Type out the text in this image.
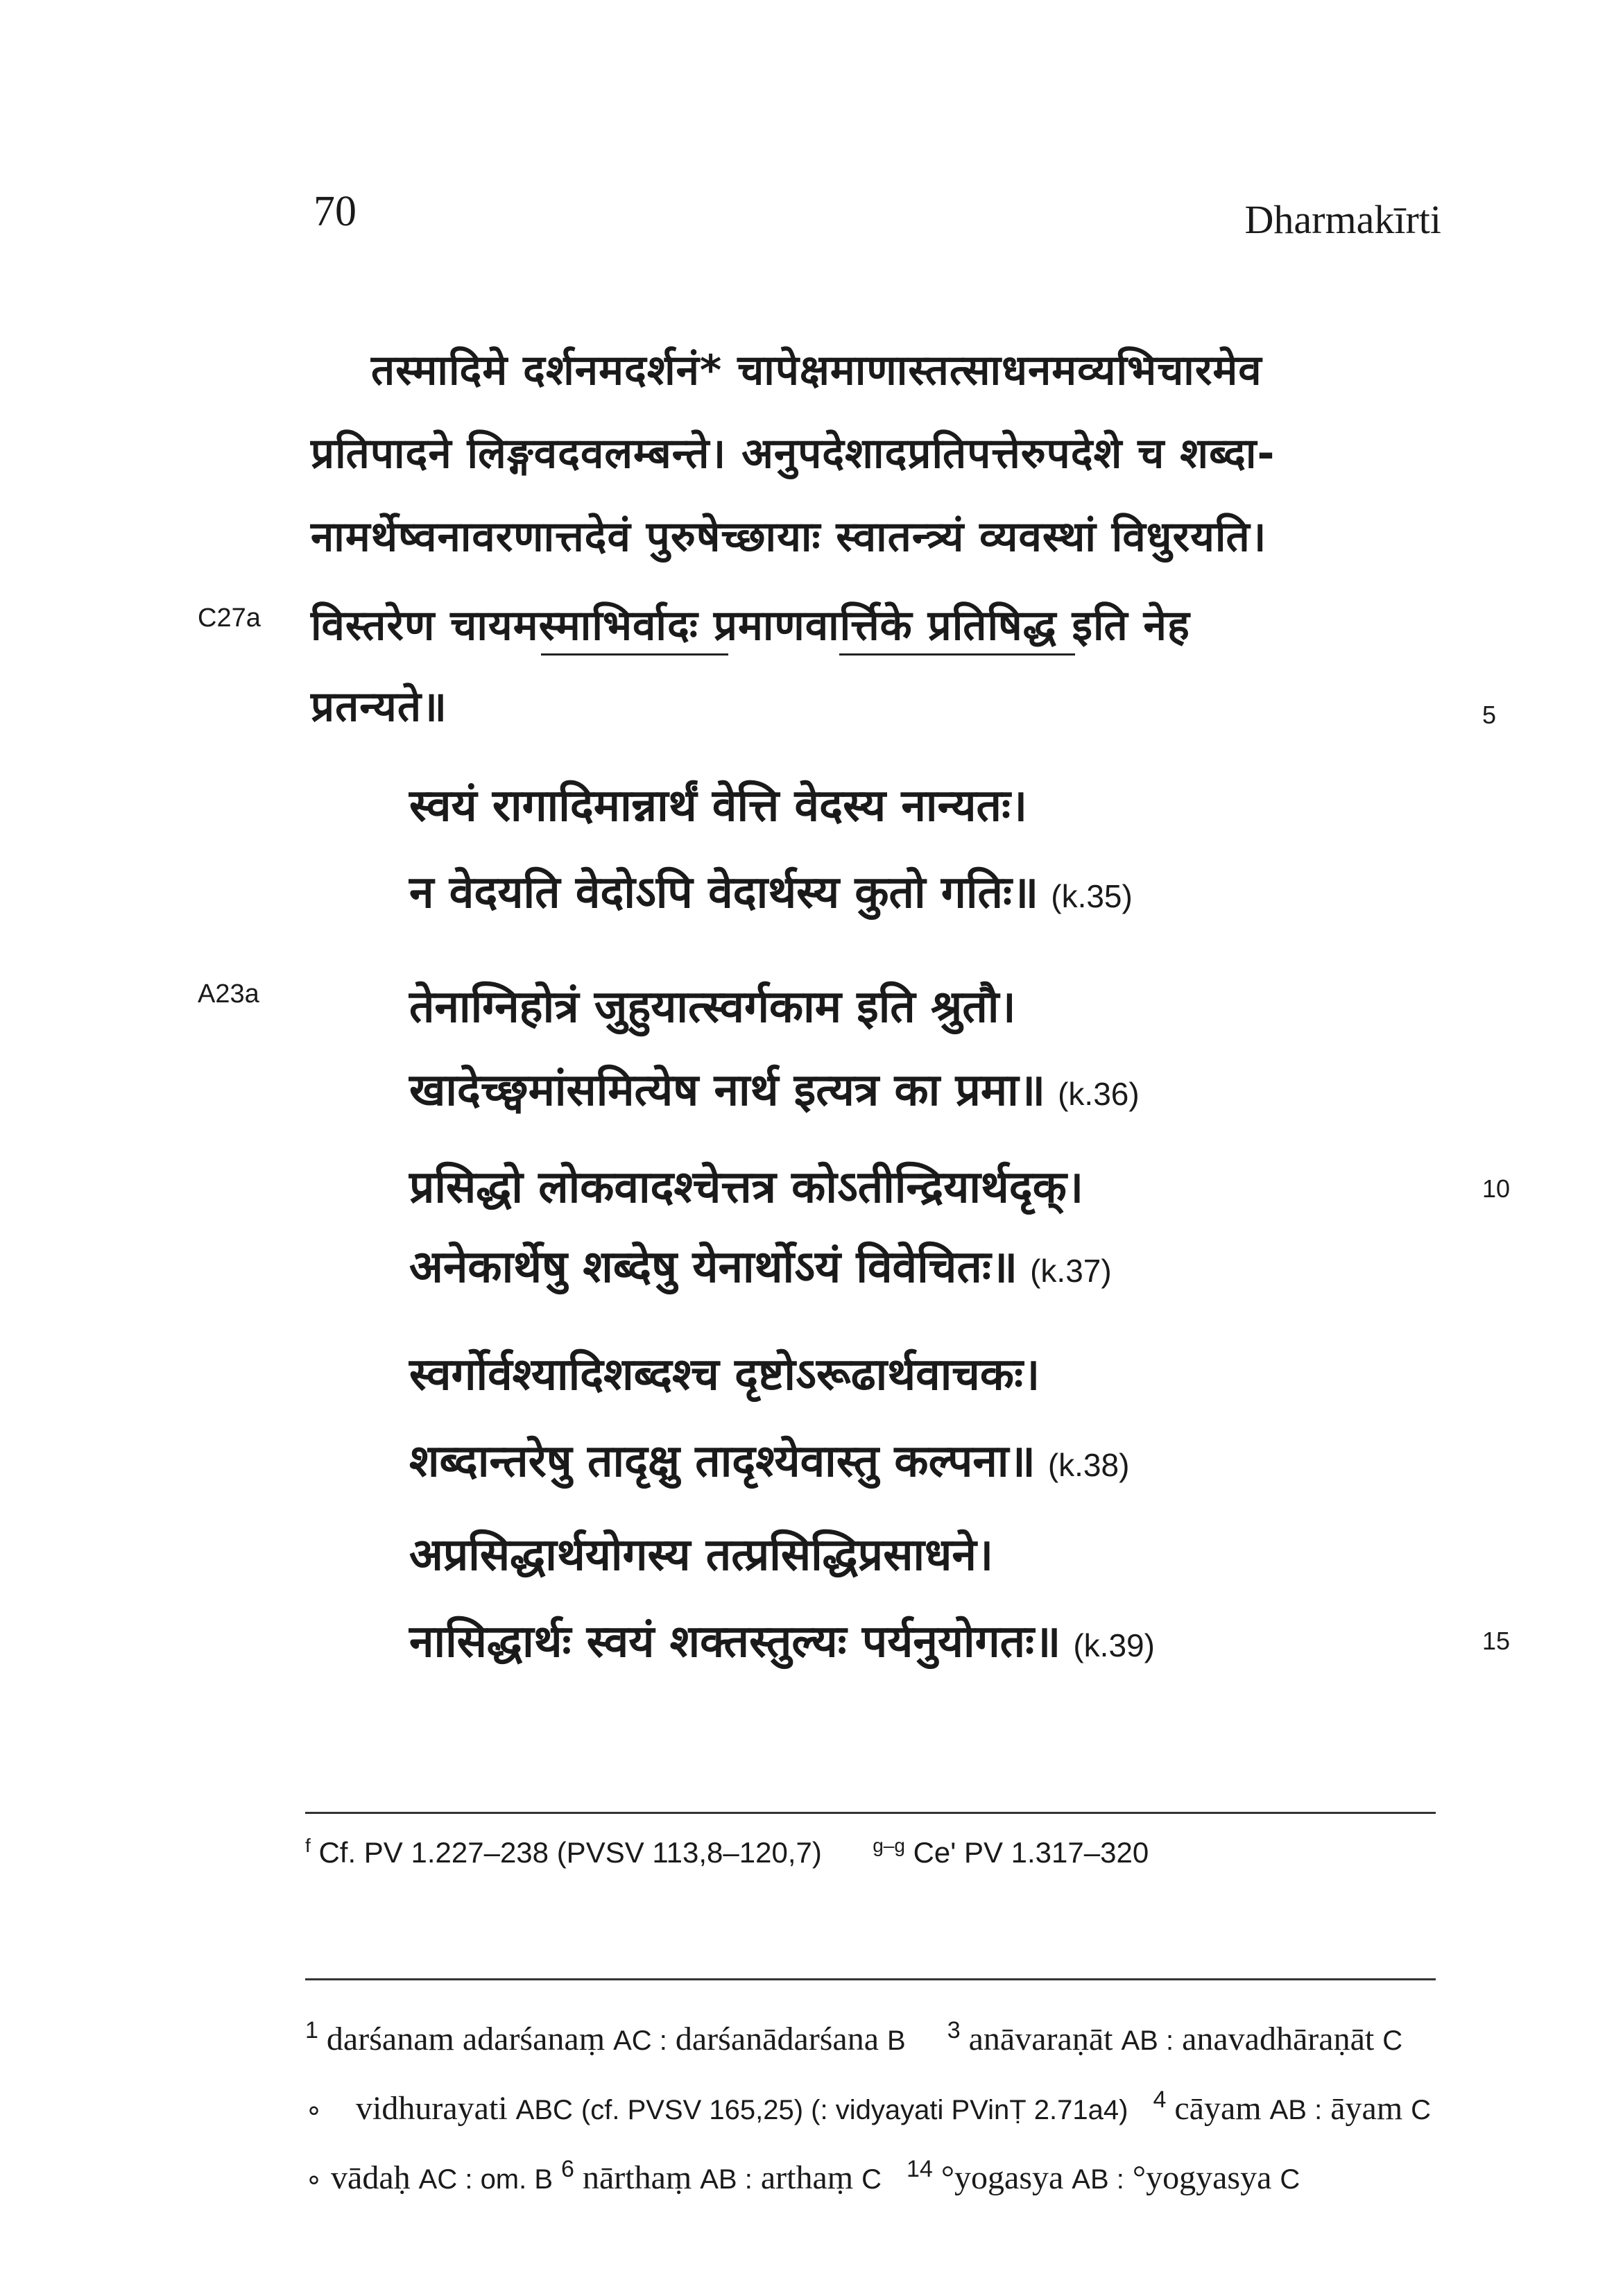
70	Dharmakīrti
तस्मादिमे दर्शनमदर्शनं* चापेक्षमाणास्तत्साधनमव्यभिचारमेव
प्रतिपादने लिङ्गवदवलम्बन्ते। अनुपदेशादप्रतिपत्तेरुपदेशे च शब्दा-
नामर्थेष्वनावरणात्तदेवं पुरुषेच्छायाः स्वातन्त्र्यं व्यवस्थां विधुरयति।
विस्तरेण चायमस्माभिर्वादः प्रमाणवार्त्तिके प्रतिषिद्ध इति नेह
प्रतन्यते॥
स्वयं रागादिमान्नार्थं वेत्ति वेदस्य नान्यतः।
न वेदयति वेदोऽपि वेदार्थस्य कुतो गतिः॥ (k.35)
तेनाग्निहोत्रं जुहुयात्स्वर्गकाम इति श्रुतौ।
खादेच्छ्वमांसमित्येष नार्थ इत्यत्र का प्रमा॥ (k.36)
प्रसिद्धो लोकवादश्चेत्तत्र कोऽतीन्द्रियार्थदृक्।
अनेकार्थेषु शब्देषु येनार्थोऽयं विवेचितः॥ (k.37)
स्वर्गोर्वश्यादिशब्दश्च दृष्टोऽरूढार्थवाचकः।
शब्दान्तरेषु तादृक्षु तादृश्येवास्तु कल्पना॥ (k.38)
अप्रसिद्धार्थयोगस्य तत्प्रसिद्धिप्रसाधने।
नासिद्धार्थः स्वयं शक्तस्तुल्यः पर्यनुयोगतः॥ (k.39)
C27a
A23a
5
10
15
$^f$ Cf. PV 1.227–238 (PVSV 113,8–120,7)	$^{g-g}$ Ce' PV 1.317–320
$^1$ darśanam adarśanaṃ AC : darśanādarśana B $^3$ anāvaraṇāt AB : anavadhāraṇāt C    ∘ vidhurayati ABC (cf. PVSV 165,25) (: vidyayati PVinṬ 2.71a4) $^4$ cāyam AB : āyam C ∘ vādaḥ AC : om. B $^6$ nārthaṃ AB : arthaṃ C $^{14}$ °yogasya AB : °yogyasya C
